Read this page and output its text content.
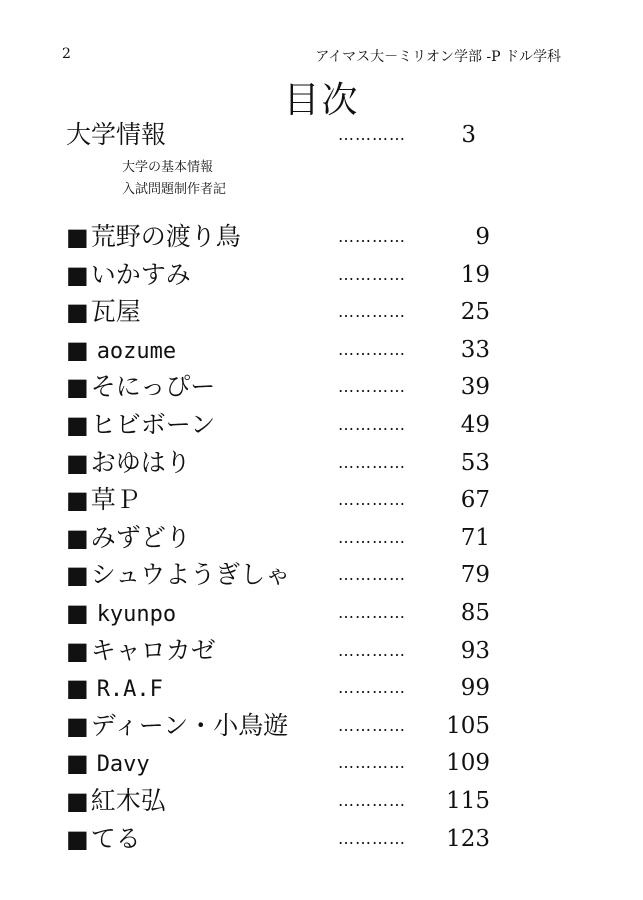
2	アイマス大－ミリオン学部 -P ドル学科
目次
大学情報	………… 3
大学の基本情報
入試問題制作者記
■荒野の渡り鳥	…………	9
■いかすみ	………… 19
■瓦屋	………… 25
■ aozume	………… 33
■そにっぴー	………… 39
■ヒビボーン	………… 49
■おゆはり	………… 53
■草Ｐ	………… 67
■みずどり	………… 71
■シュウようぎしゃ	………… 79
■ kyunpo	………… 85
■キャロカゼ	………… 93
■ R.A.F	………… 99
■ディーン・小鳥遊	………… 105
■ Davy	………… 109
■紅木弘	………… 115
■てる	………… 123
